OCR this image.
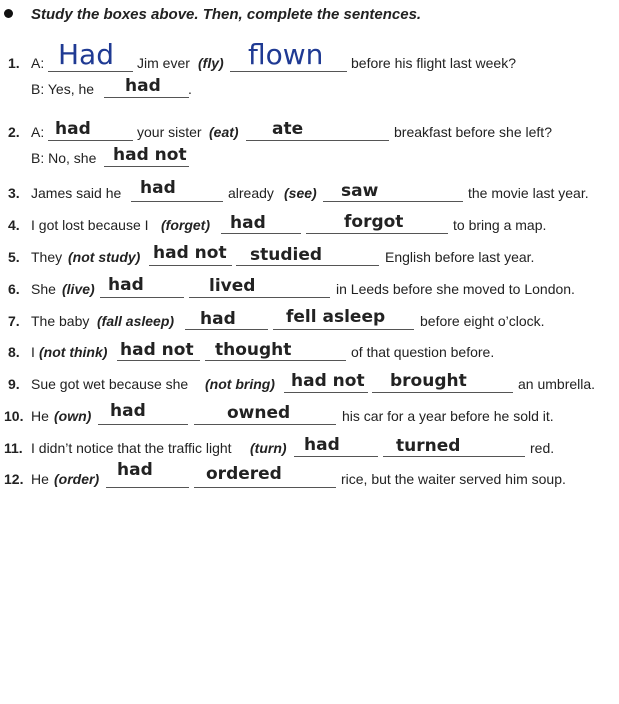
Study the boxes above. Then, complete the sentences.
1. A: Had Jim ever (fly) flown before his flight last week?
B: Yes, he had .
2. A: had	your sister (eat) ate	breakfast before she left?
B: No, she had not
3. James said he had	already (see) saw	the movie last year.
4. I got lost because I (forget) had	forgot	to bring a map.
5. They (not study) had not studied	English before last year.
6. She (live) had	lived	in Leeds before she moved to London.
7. The baby (fall asleep) had	fell asleep before eight o’clock.
8. I (not think) had not thought	of that question before.
9. Sue got wet because she (not bring) had not brought	an umbrella.
10. He (own) had	owned	his car for a year before he sold it.
11. I didn’t notice that the traffic light (turn) had	turned	red.
12. He (order) had	ordered	rice, but the waiter served him soup.
